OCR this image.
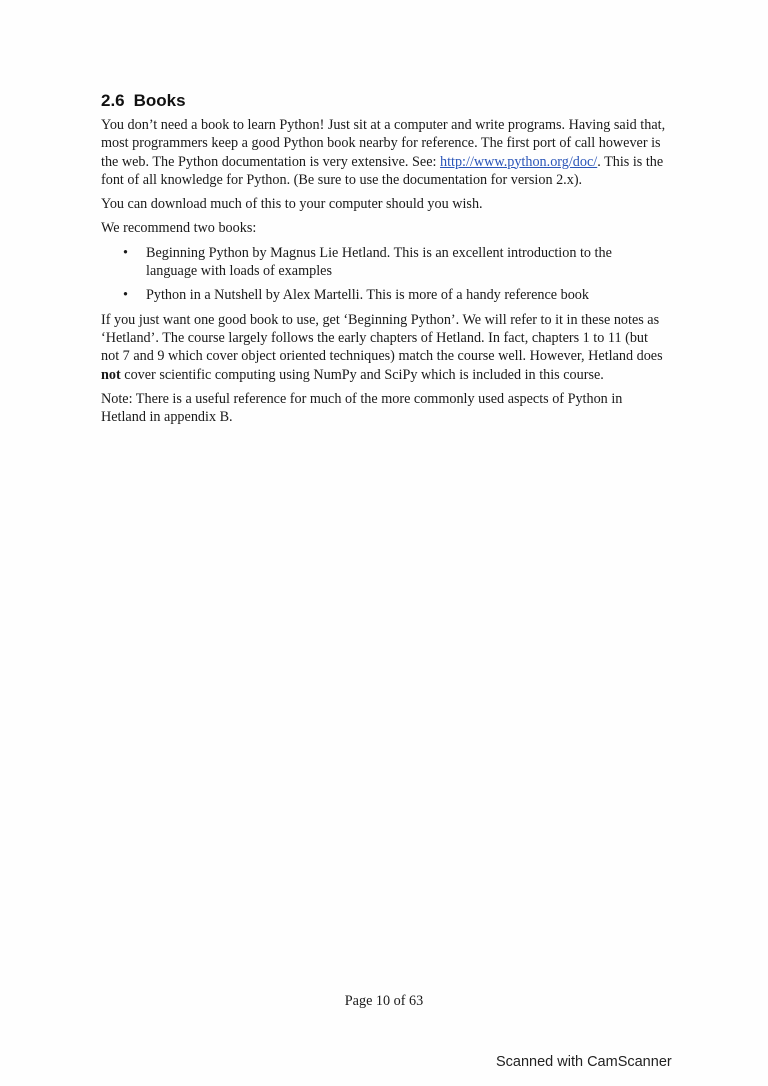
2.6 Books

You don’t need a book to learn Python! Just sit at a computer and write programs. Having said that, most programmers keep a good Python book nearby for reference. The first port of call however is the web. The Python documentation is very extensive. See: http://www.python.org/doc/. This is the font of all knowledge for Python. (Be sure to use the documentation for version 2.x).

You can download much of this to your computer should you wish.

We recommend two books:

• Beginning Python by Magnus Lie Hetland. This is an excellent introduction to the language with loads of examples
• Python in a Nutshell by Alex Martelli. This is more of a handy reference book

If you just want one good book to use, get ‘Beginning Python’. We will refer to it in these notes as ‘Hetland’. The course largely follows the early chapters of Hetland. In fact, chapters 1 to 11 (but not 7 and 9 which cover object oriented techniques) match the course well. However, Hetland does not cover scientific computing using NumPy and SciPy which is included in this course.

Note: There is a useful reference for much of the more commonly used aspects of Python in Hetland in appendix B.

Page 10 of 63
Scanned with CamScanner
